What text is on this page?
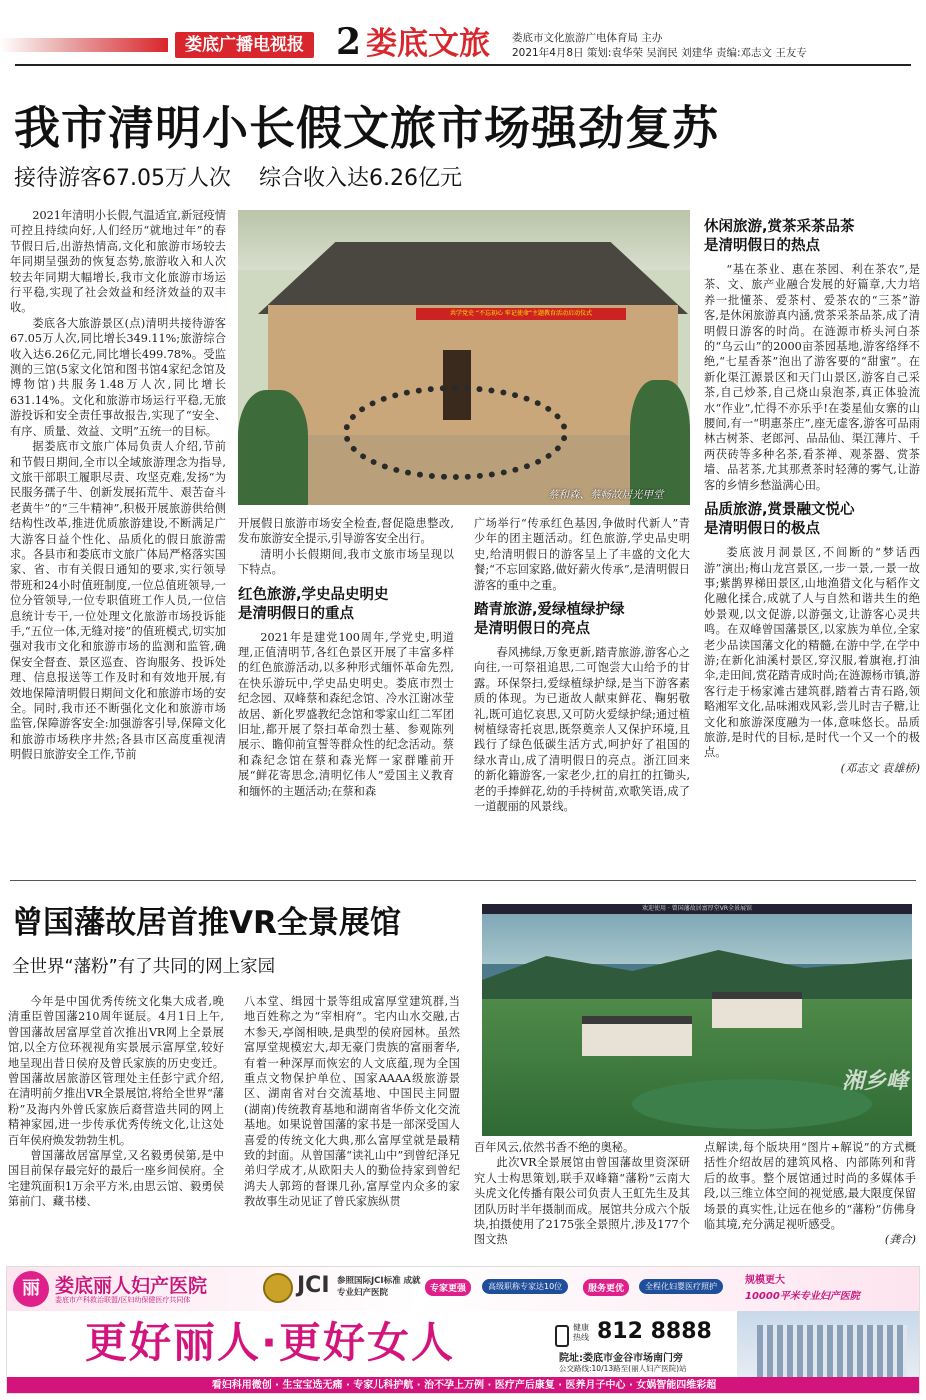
娄底广播电视报 2 娄底文旅 娄底市文化旅游广电体育局 主办
2021年4月8日 策划:袁华荣 吴润民 刘建华 责编:邓志文 王友专
我市清明小长假文旅市场强劲复苏
接待游客67.05万人次    综合收入达6.26亿元

2021年清明小长假,气温适宜,新冠疫情可控且持续向好,人们经历“就地过年”的春节假日后,出游热情高,文化和旅游市场较去年同期呈强劲的恢复态势,旅游收入和人次较去年同期大幅增长,我市文化旅游市场运行平稳,实现了社会效益和经济效益的双丰收。

娄底各大旅游景区(点)清明共接待游客67.05万人次,同比增长349.11%;旅游综合收入达6.26亿元,同比增长499.78%。受监测的三馆(5家文化馆和图书馆4家纪念馆及博物馆)共服务1.48万人次,同比增长631.14%。文化和旅游市场运行平稳,无旅游投诉和安全责任事故报告,实现了“安全、有序、质量、效益、文明”五统一的目标。

据娄底市文旅广体局负责人介绍,节前和节假日期间,全市以全域旅游理念为指导,文旅干部职工履职尽责、攻坚克难,发扬“为民服务孺子牛、创新发展拓荒牛、艰苦奋斗老黄牛”的“三牛精神”,积极开展旅游供给侧结构性改革,推进优质旅游建设,不断满足广大游客日益个性化、品质化的假日旅游需求。各县市和娄底市文旅广体局严格落实国家、省、市有关假日通知的要求,实行领导带班和24小时值班制度,一位总值班领导,一位分管领导,一位专职值班工作人员,一位信息统计专干,一位处理文化旅游市场投诉能手,“五位一体,无缝对接”的值班模式,切实加强对我市文化和旅游市场的监测和监管,确保安全督查、景区巡查、咨询服务、投诉处理、信息报送等工作及时和有效地开展,有效地保障清明假日期间文化和旅游市场的安全。同时,我市还不断强化文化和旅游市场监管,保障游客安全:加强游客引导,保障文化和旅游市场秩序井然;各县市区高度重视清明假日旅游安全工作,节前

共学党史 “不忘初心 牢记使命”主题教育活动启动仪式
蔡和森、蔡畅故居光甲堂

开展假日旅游市场安全检查,督促隐患整改,发布旅游安全提示,引导游客安全出行。

清明小长假期间,我市文旅市场呈现以下特点。

红色旅游,学史品史明史
是清明假日的重点

2021年是建党100周年,学党史,明道理,正值清明节,各红色景区开展了丰富多样的红色旅游活动,以多种形式缅怀革命先烈,在快乐游玩中,学史品史明史。娄底市烈士纪念园、双峰蔡和森纪念馆、冷水江谢冰莹故居、新化罗盛教纪念馆和零家山红二军团旧址,都开展了祭扫革命烈士墓、参观陈列展示、瞻仰前宣誓等群众性的纪念活动。蔡和森纪念馆在蔡和森光辉一家群雕前开展“鲜花寄思念,清明忆伟人”爱国主义教育和缅怀的主题活动;在蔡和森

广场举行“传承红色基因,争做时代新人”青少年的团主题活动。红色旅游,学史品史明史,给清明假日的游客呈上了丰盛的文化大餐;“不忘回家路,做好薪火传承”,是清明假日游客的重中之重。

踏青旅游,爱绿植绿护绿
是清明假日的亮点

春风拂绿,万象更新,踏青旅游,游客心之向往,一可祭祖追思,二可饱尝大山给予的甘露。环保祭扫,爱绿植绿护绿,是当下游客素质的体现。为已逝故人献束鲜花、鞠躬敬礼,既可追忆哀思,又可防火爱绿护绿;通过植树植绿寄托哀思,既祭奠亲人又保护环境,且践行了绿色低碳生活方式,呵护好了祖国的绿水青山,成了清明假日的亮点。浙江回来的新化籍游客,一家老少,扛的肩扛的扛锄头,老的手捧鲜花,幼的手持树苗,欢歌笑语,成了一道靓丽的风景线。

休闲旅游,赏茶采茶品茶
是清明假日的热点

“基在茶业、惠在茶园、利在茶农”,是茶、文、旅产业融合发展的好篇章,大力培养一批懂茶、爱茶村、爱茶农的“三茶”游客,是休闲旅游真内涵,赏茶采茶品茶,成了清明假日游客的时尚。在涟源市桥头河白茶的“乌云山”的2000亩茶园基地,游客络绎不绝,“七星香茶”泡出了游客要的“甜蜜”。在新化渠江源景区和天门山景区,游客自己采茶,自己炒茶,自己烧山泉泡茶,真正体验流水“作业”,忙得不亦乐乎!在娄星仙女寨的山腰间,有一“明惠茶庄”,座无虚客,游客可品雨林古树茶、老郎河、品品仙、渠江薄片、千两茯砖等多种名茶,看茶禅、观茶器、赏茶墙、品茗茶,尤其那煮茶时轻薄的雾气,让游客的乡情乡愁溢满心田。

品质旅游,赏景融文悦心
是清明假日的极点

娄底波月洞景区,不间断的“梦话西游”演出;梅山龙宫景区,一步一景,一景一故事;紫鹊界梯田景区,山地渔猎文化与稻作文化融化揉合,成就了人与自然和谐共生的绝妙景观,以文促游,以游强文,让游客心灵共鸣。在双峰曾国藩景区,以家族为单位,全家老少品读国藩文化的精髓,在游中学,在学中游;在新化油溪村景区,穿汉服,着旗袍,打油伞,走田间,赏花踏青成时尚;在涟源杨市镇,游客行走于杨家滩古建筑群,踏着古青石路,领略湘军文化,品味湘戏风彩,尝儿时吉子糖,让文化和旅游深度融为一体,意味悠长。品质旅游,是时代的目标,是时代一个又一个的极点。

(邓志文 袁雄桥)
曾国藩故居首推VR全景展馆
全世界“藩粉”有了共同的网上家园
欢迎使用 · 曾国藩故居富厚堂VR全景展馆
湘乡峰

今年是中国优秀传统文化集大成者,晚清重臣曾国藩210周年诞辰。4月1日上午,曾国藩故居富厚堂首次推出VR网上全景展馆,以全方位环视视角实景展示富厚堂,较好地呈现出昔日侯府及曾氏家族的历史变迁。曾国藩故居旅游区管理处主任彭宁武介绍,在清明前夕推出VR全景展馆,将给全世界“藩粉”及海内外曾氏家族后裔营造共同的网上精神家园,进一步传承优秀传统文化,让这处百年侯府焕发勃勃生机。

曾国藩故居富厚堂,又名毅勇侯第,是中国目前保存最完好的最后一座乡间侯府。全宅建筑面积1万余平方米,由思云馆、毅勇侯第前门、藏书楼、

八本堂、缉园十景等组成富厚堂建筑群,当地百姓称之为“宰相府”。宅内山水交融,古木参天,亭阁相映,是典型的侯府园林。虽然富厚堂规模宏大,却无豪门贵族的富丽奢华,有着一种深厚而恢宏的人文底蕴,现为全国重点文物保护单位、国家AAAA级旅游景区、湖南省对台交流基地、中国民主同盟(湖南)传统教育基地和湖南省华侨文化交流基地。如果说曾国藩的家书是一部深受国人喜爱的传统文化大典,那么富厚堂就是最精致的封面。从曾国藩“读礼山中”到曾纪泽兄弟归学成才,从欧阳夫人的勤俭持家到曾纪鸿夫人郭筠的督课几孙,富厚堂内众多的家教故事生动见证了曾氏家族纵贯

百年风云,依然书香不绝的奥秘。

此次VR全景展馆由曾国藩故里资深研究人士构思策划,联手双峰籍“藩粉”云南大头虎文化传播有限公司负责人王虹先生及其团队历时半年摄制而成。展馆共分成六个版块,拍摄使用了2175张全景照片,涉及177个图文热

点解读,每个版块用“图片+解说”的方式概括性介绍故居的建筑风格、内部陈列和背后的故事。整个展馆通过时尚的多媒体手段,以三维立体空间的视觉感,最大限度保留场景的真实性,让远在他乡的“藩粉”仿佛身临其境,充分满足视听感受。

(龚合)
丽 娄底丽人妇产医院
娄底市产科救治联盟/区妇幼保健医疗共同体
JCI 参照国际JCI标准 成就专业妇产医院	专家更强	高级职称专家达10位	服务更优	全程化妇婴医疗照护
规模更大
10000平米专业妇产医院
更好丽人·更好女人	健康热线 812 8888
院址:娄底市金谷市场南门旁
公交路线:10/13路至(丽人妇产医院)站
看妇科用微创 · 生宝宝选无痛 · 专家儿科护航 · 治不孕上万例 · 医疗产后康复 · 医养月子中心 · 女娲智能四维彩超
